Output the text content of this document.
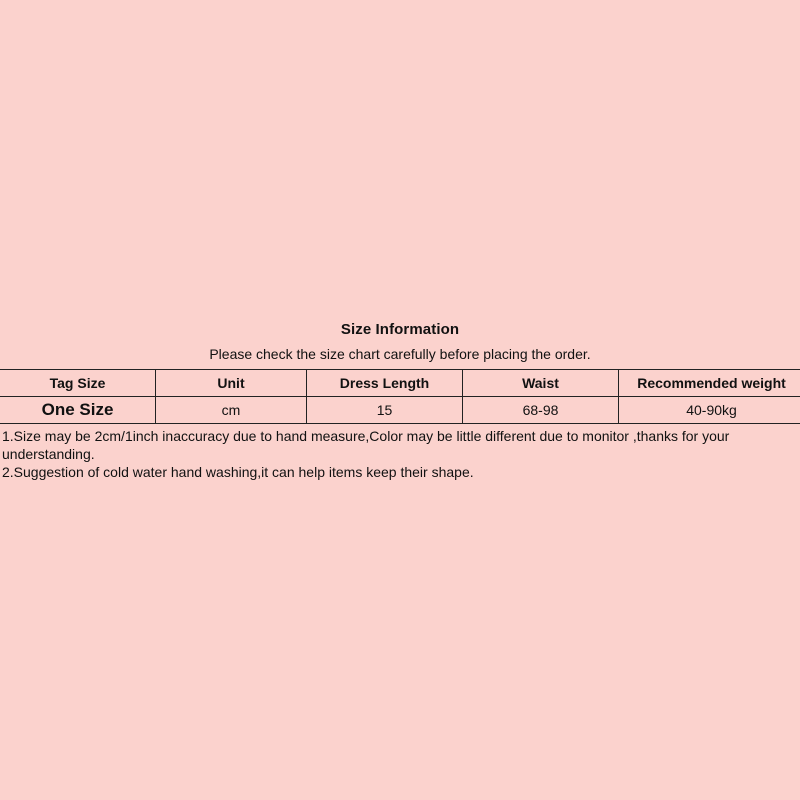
Size Information
Please check the size chart carefully before placing the order.
Tag Size	Unit	Dress Length	Waist	Recommended weight
One Size	cm	15	68-98	40-90kg
1.Size may be 2cm/1inch inaccuracy due to hand measure,Color may be little different due to monitor ,thanks for your understanding.
2.Suggestion of cold water hand washing,it can help items keep their shape.
